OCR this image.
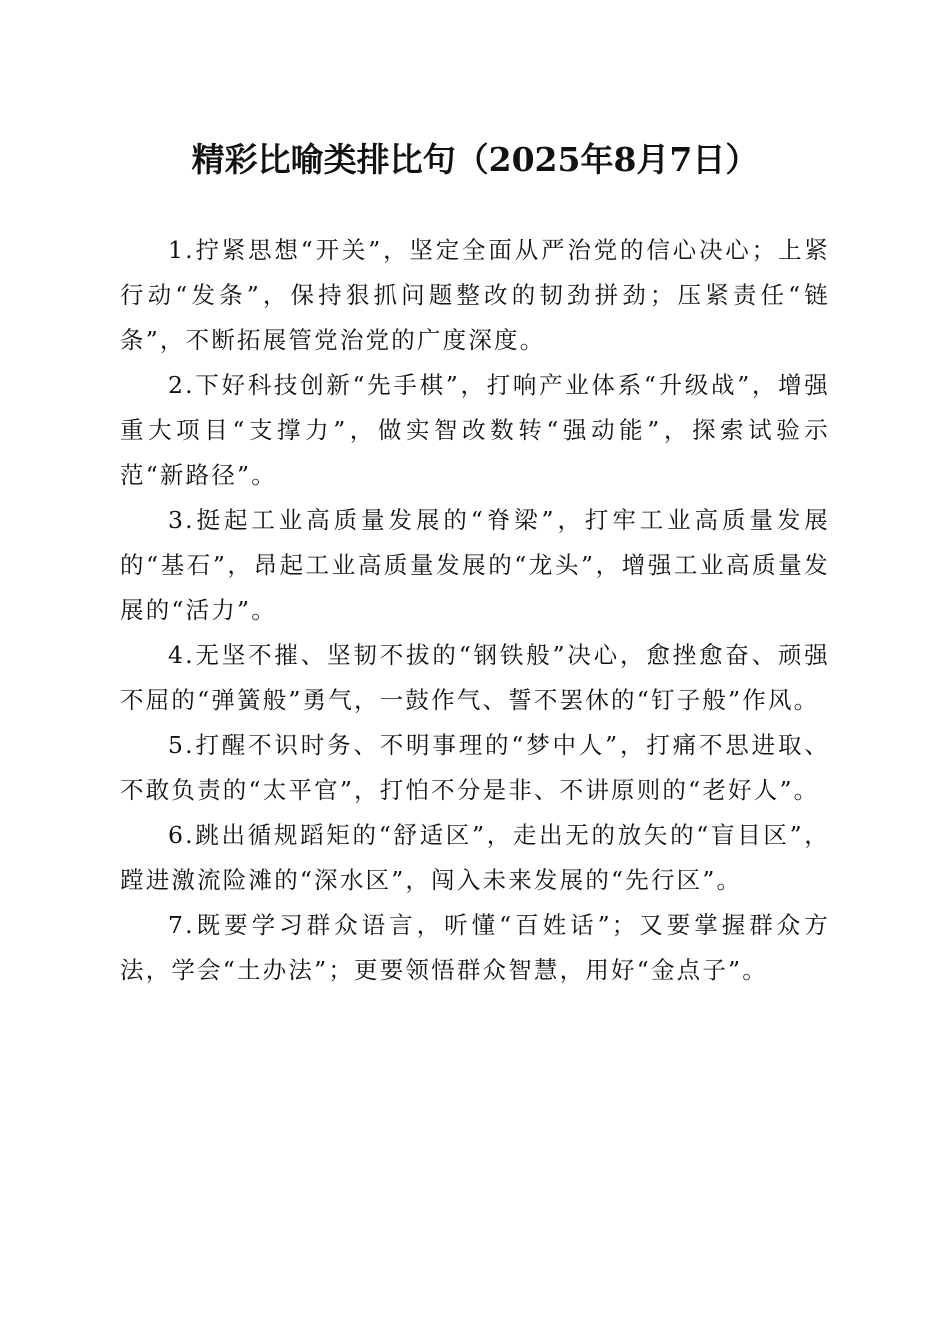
精彩比喻类排比句（2025年8月7日）

1.拧紧思想“开关”，坚定全面从严治党的信心决心；上紧行动“发条”，保持狠抓问题整改的韧劲拼劲；压紧责任“链条”，不断拓展管党治党的广度深度。

2.下好科技创新“先手棋”，打响产业体系“升级战”，增强重大项目“支撑力”，做实智改数转“强动能”，探索试验示范“新路径”。

3.挺起工业高质量发展的“脊梁”，打牢工业高质量发展的“基石”，昂起工业高质量发展的“龙头”，增强工业高质量发展的“活力”。

4.无坚不摧、坚韧不拔的“钢铁般”决心，愈挫愈奋、顽强不屈的“弹簧般”勇气，一鼓作气、誓不罢休的“钉子般”作风。

5.打醒不识时务、不明事理的“梦中人”，打痛不思进取、不敢负责的“太平官”，打怕不分是非、不讲原则的“老好人”。

6.跳出循规蹈矩的“舒适区”，走出无的放矢的“盲目区”，蹚进激流险滩的“深水区”，闯入未来发展的“先行区”。

7.既要学习群众语言，听懂“百姓话”；又要掌握群众方法，学会“土办法”；更要领悟群众智慧，用好“金点子”。
